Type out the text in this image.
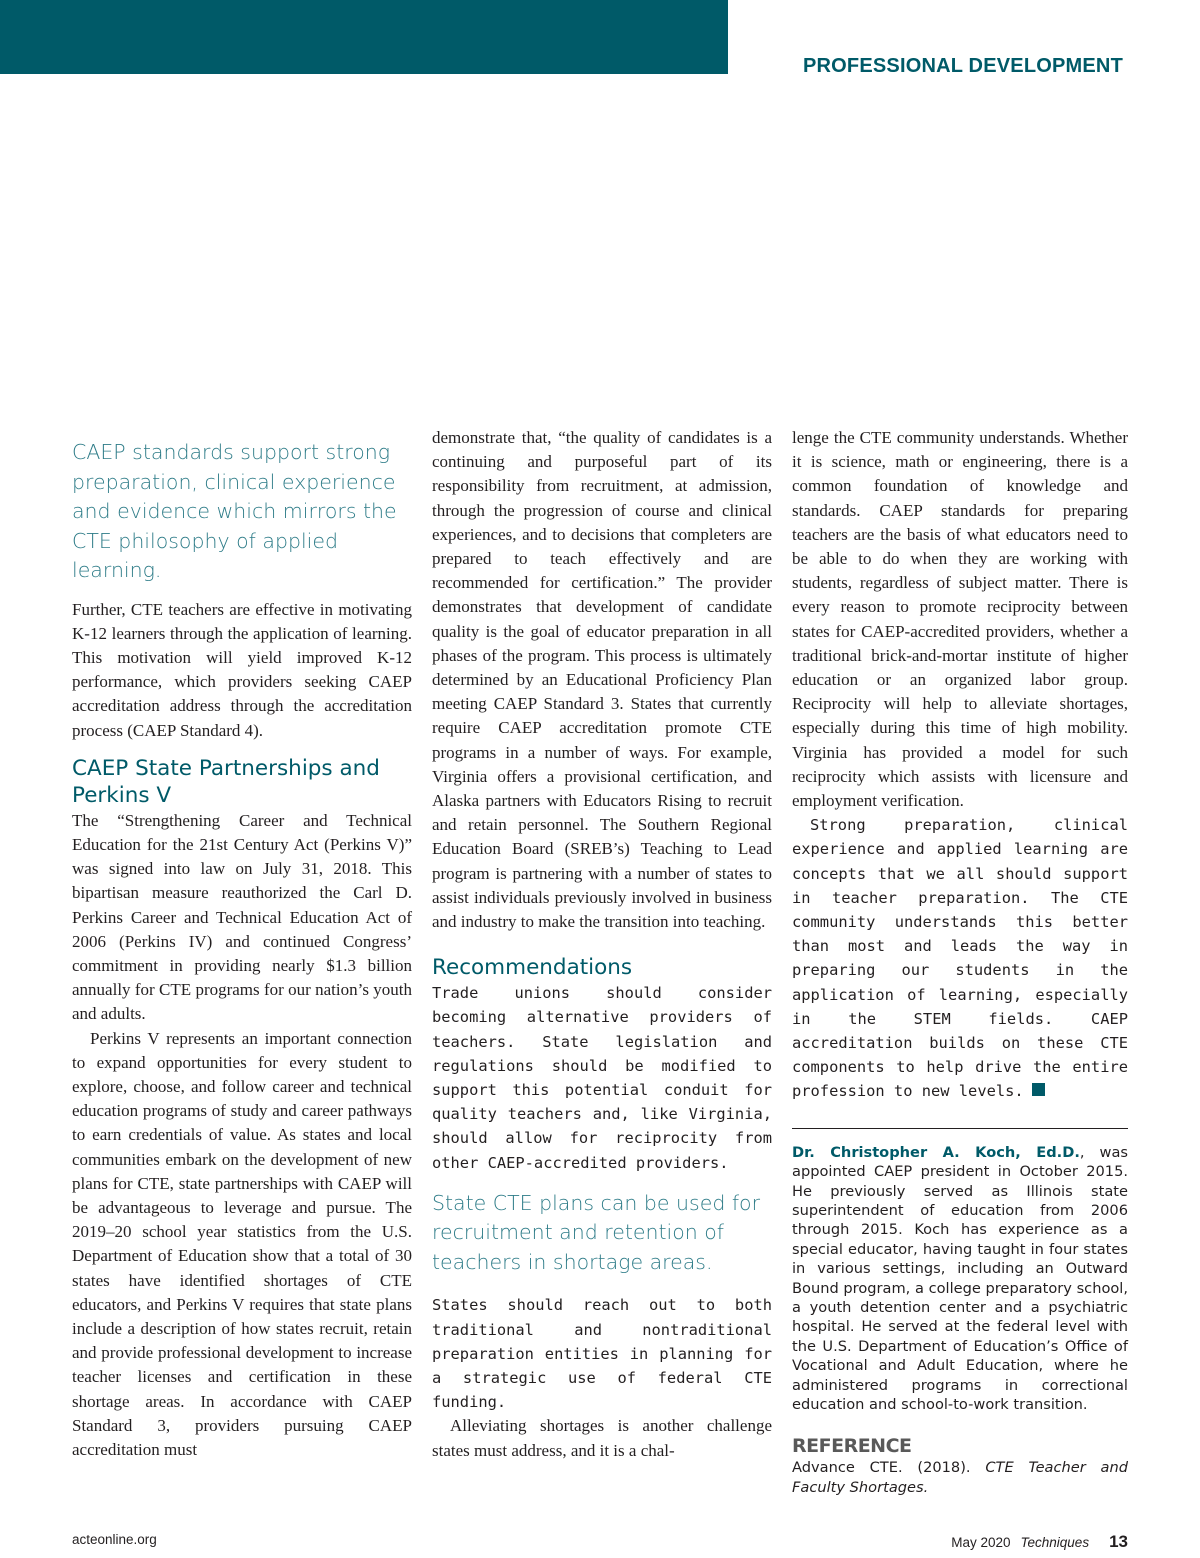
PROFESSIONAL DEVELOPMENT
CAEP standards support strong preparation, clinical experience and evidence which mirrors the CTE philosophy of applied learning.

Further, CTE teachers are effective in motivating K-12 learners through the application of learning. This motivation will yield improved K-12 performance, which providers seeking CAEP accreditation address through the accreditation process (CAEP Standard 4).

CAEP State Partnerships and Perkins V

The “Strengthening Career and Technical Education for the 21st Century Act (Perkins V)” was signed into law on July 31, 2018. This bipartisan measure reauthorized the Carl D. Perkins Career and Technical Education Act of 2006 (Perkins IV) and continued Congress’ commitment in providing nearly $1.3 billion annually for CTE programs for our nation’s youth and adults.

Perkins V represents an important connection to expand opportunities for every student to explore, choose, and follow career and technical education programs of study and career pathways to earn credentials of value. As states and local communities embark on the development of new plans for CTE, state partnerships with CAEP will be advantageous to leverage and pursue. The 2019–20 school year statistics from the U.S. Department of Education show that a total of 30 states have identified shortages of CTE educators, and Perkins V requires that state plans include a description of how states recruit, retain and provide professional development to increase teacher licenses and certification in these shortage areas. In accordance with CAEP Standard 3, providers pursuing CAEP accreditation must

demonstrate that, “the quality of candidates is a continuing and purposeful part of its responsibility from recruitment, at admission, through the progression of course and clinical experiences, and to decisions that completers are prepared to teach effectively and are recommended for certification.” The provider demonstrates that development of candidate quality is the goal of educator preparation in all phases of the program. This process is ultimately determined by an Educational Proficiency Plan meeting CAEP Standard 3. States that currently require CAEP accreditation promote CTE programs in a number of ways. For example, Virginia offers a provisional certification, and Alaska partners with Educators Rising to recruit and retain personnel. The Southern Regional Education Board (SREB’s) Teaching to Lead program is partnering with a number of states to assist individuals previously involved in business and industry to make the transition into teaching.

Recommendations

Trade unions should consider becoming alternative providers of teachers. State legislation and regulations should be modified to support this potential conduit for quality teachers and, like Virginia, should allow for reciprocity from other CAEP-accredited providers.

State CTE plans can be used for recruitment and retention of teachers in shortage areas.

States should reach out to both traditional and nontraditional preparation entities in planning for a strategic use of federal CTE funding.

Alleviating shortages is another challenge states must address, and it is a chal-

lenge the CTE community understands. Whether it is science, math or engineering, there is a common foundation of knowledge and standards. CAEP standards for preparing teachers are the basis of what educators need to be able to do when they are working with students, regardless of subject matter. There is every reason to promote reciprocity between states for CAEP-accredited providers, whether a traditional brick-and-mortar institute of higher education or an organized labor group. Reciprocity will help to alleviate shortages, especially during this time of high mobility. Virginia has provided a model for such reciprocity which assists with licensure and employment verification.

Strong preparation, clinical experience and applied learning are concepts that we all should support in teacher preparation. The CTE community understands this better than most and leads the way in preparing our students in the application of learning, especially in the STEM fields. CAEP accreditation builds on these CTE components to help drive the entire profession to new levels.

Dr. Christopher A. Koch, Ed.D., was appointed CAEP president in October 2015. He previously served as Illinois state superintendent of education from 2006 through 2015. Koch has experience as a special educator, having taught in four states in various settings, including an Outward Bound program, a college preparatory school, a youth detention center and a psychiatric hospital. He served at the federal level with the U.S. Department of Education’s Office of Vocational and Adult Education, where he administered programs in correctional education and school-to-work transition.

REFERENCE

Advance CTE. (2018). CTE Teacher and Faculty Shortages.

acteonline.org	May 2020 Techniques 13
